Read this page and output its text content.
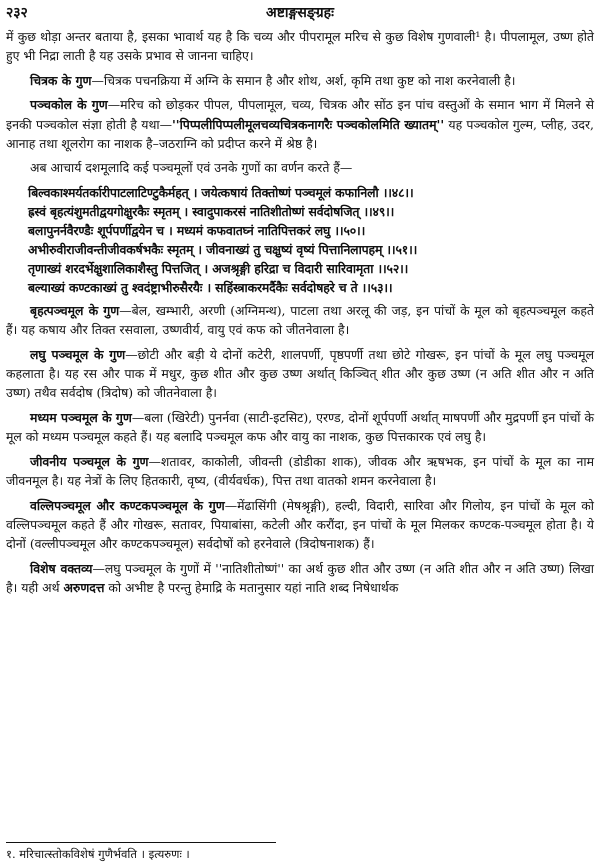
२३२	अष्टाङ्गसङ्ग्रहः

में कुछ थोड़ा अन्तर बताया है, इसका भावार्थ यह है कि चव्य और पीपरामूल मरिच से कुछ विशेष गुणवाली¹ है। पीपलामूल, उष्ण होते हुए भी निद्रा लाती है यह उसके प्रभाव से जानना चाहिए।

चित्रक के गुण—चित्रक पचनक्रिया में अग्नि के समान है और शोथ, अर्श, कृमि तथा कुष्ट को नाश करनेवाली है।

पञ्चकोल के गुण—मरिच को छोड़कर पीपल, पीपलामूल, चव्य, चित्रक और सोंठ इन पांच वस्तुओं के समान भाग में मिलने से इनकी पञ्चकोल संज्ञा होती है यथा—''पिप्पलीपिप्पलीमूलचव्यचित्रकनागरैः पञ्चकोलमिति ख्यातम्'' यह पञ्चकोल गुल्म, प्लीह, उदर, आनाह तथा शूलरोग का नाशक है–जठराग्नि को प्रदीप्त करने में श्रेष्ठ है।

अब आचार्य दशमूलादि कई पञ्चमूलों एवं उनके गुणों का वर्णन करते हैं—

बिल्वकाश्मर्यतर्कारीपाटलाटिण्टुकैर्महत् । जयेत्कषायं तिक्तोष्णं पञ्चमूलं कफानिलौ ।।४८।।
ह्रस्वं बृहत्यंशुमतीद्वयगोक्षुरकैः स्मृतम् । स्वादुपाकरसं नातिशीतोष्णं सर्वदोषजित् ।।४९।।
बलापुनर्नवैरण्डैः शूर्पपर्णीद्वयेन च । मध्यमं कफवातघ्नं नातिपित्तकरं लघु ।।५०।।
अभीरुवीराजीवन्तीजीवकर्षभकैः स्मृतम् । जीवनाख्यं तु चक्षुष्यं वृष्यं पित्तानिलापहम् ।।५१।।
तृणाख्यं शरदर्भेक्षुशालिकाशैस्तु पित्तजित् । अजश्रृङ्गी हरिद्रा च विदारी सारिवामृता ।।५२।।
बल्याख्यं कण्टकाख्यं तु श्वदंष्ट्राभीरुसैरयैः । सहिंस्त्राकरमर्दैकैः सर्वदोषहरे च ते ।।५३।।

बृहत्पञ्चमूल के गुण—बेल, खम्भारी, अरणी (अग्निमन्थ), पाटला तथा अरलू की जड़, इन पांचों के मूल को बृहत्पञ्चमूल कहते हैं। यह कषाय और तिक्त रसवाला, उष्णवीर्य, वायु एवं कफ को जीतनेवाला है।

लघु पञ्चमूल के गुण—छोटी और बड़ी ये दोनों कटेरी, शालपर्णी, पृष्ठपर्णी तथा छोटे गोखरू, इन पांचों के मूल लघु पञ्चमूल कहलाता है। यह रस और पाक में मधुर, कुछ शीत और कुछ उष्ण अर्थात् किञ्चित् शीत और कुछ उष्ण (न अति शीत और न अति उष्ण) तथैव सर्वदोष (त्रिदोष) को जीतनेवाला है।

मध्यम पञ्चमूल के गुण—बला (खिरेटी) पुनर्नवा (साटी-इटसिट), एरण्ड, दोनों शूर्पपर्णी अर्थात् माषपर्णी और मुद्रपर्णी इन पांचों के मूल को मध्यम पञ्चमूल कहते हैं। यह बलादि पञ्चमूल कफ और वायु का नाशक, कुछ पित्तकारक एवं लघु है।

जीवनीय पञ्चमूल के गुण—शतावर, काकोली, जीवन्ती (डोडीका शाक), जीवक और ऋषभक, इन पांचों के मूल का नाम जीवनमूल है। यह नेत्रों के लिए हितकारी, वृष्य, (वीर्यवर्धक), पित्त तथा वातको शमन करनेवाला है।

वल्लिपञ्चमूल और कण्टकपञ्चमूल के गुण—मेंढासिंगी (मेषश्रृङ्गी), हल्दी, विदारी, सारिवा और गिलोय, इन पांचों के मूल को वल्लिपञ्चमूल कहते हैं और गोखरू, सतावर, पियाबांसा, कटेली और करौंदा, इन पांचों के मूल मिलकर कण्टक-पञ्चमूल होता है। ये दोनों (वल्लीपञ्चमूल और कण्टकपञ्चमूल) सर्वदोषों को हरनेवाले (त्रिदोषनाशक) हैं।

विशेष वक्तव्य—लघु पञ्चमूल के गुणों में ''नातिशीतोष्णं'' का अर्थ कुछ शीत और उष्ण (न अति शीत और न अति उष्ण) लिखा है। यही अर्थ अरुणदत्त को अभीष्ट है परन्तु हेमाद्रि के मतानुसार यहां नाति शब्द निषेधार्थक

१. मरिचात्स्तोकविशेषं गुणैर्भवति । इत्यरुणः ।
